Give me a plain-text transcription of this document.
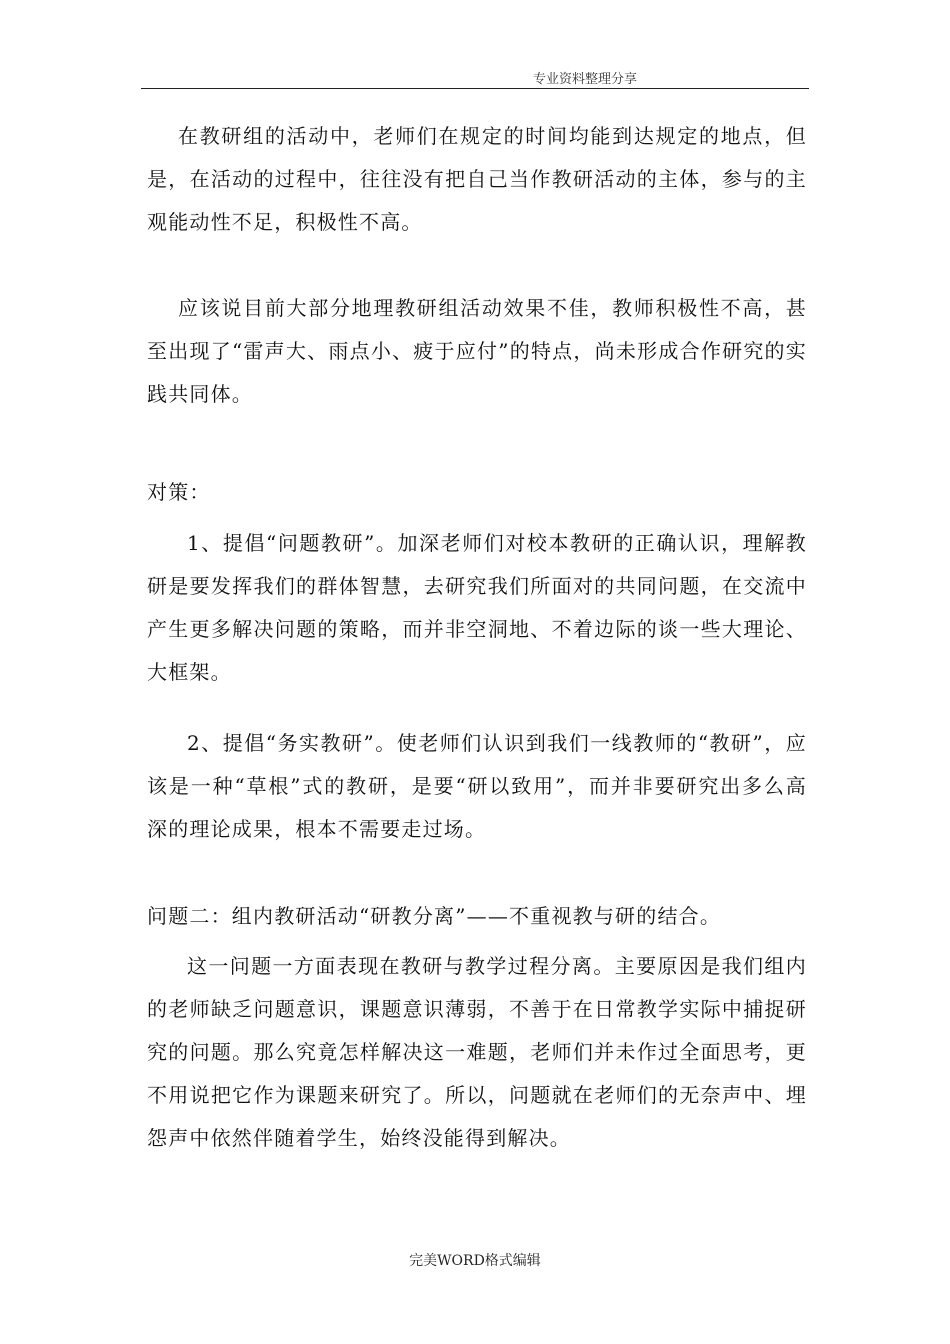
专业资料整理分享
在教研组的活动中，老师们在规定的时间均能到达规定的地点，但是，在活动的过程中，往往没有把自己当作教研活动的主体，参与的主观能动性不足，积极性不高。
应该说目前大部分地理教研组活动效果不佳，教师积极性不高，甚至出现了“雷声大、雨点小、疲于应付”的特点，尚未形成合作研究的实践共同体。
对策：
1、提倡“问题教研”。加深老师们对校本教研的正确认识，理解教研是要发挥我们的群体智慧，去研究我们所面对的共同问题，在交流中产生更多解决问题的策略，而并非空洞地、不着边际的谈一些大理论、大框架。
2、提倡“务实教研”。使老师们认识到我们一线教师的“教研”，应该是一种“草根”式的教研，是要“研以致用”，而并非要研究出多么高深的理论成果，根本不需要走过场。
问题二：组内教研活动“研教分离”——不重视教与研的结合。
这一问题一方面表现在教研与教学过程分离。主要原因是我们组内的老师缺乏问题意识，课题意识薄弱，不善于在日常教学实际中捕捉研究的问题。那么究竟怎样解决这一难题，老师们并未作过全面思考，更不用说把它作为课题来研究了。所以，问题就在老师们的无奈声中、埋怨声中依然伴随着学生，始终没能得到解决。
完美WORD格式编辑
